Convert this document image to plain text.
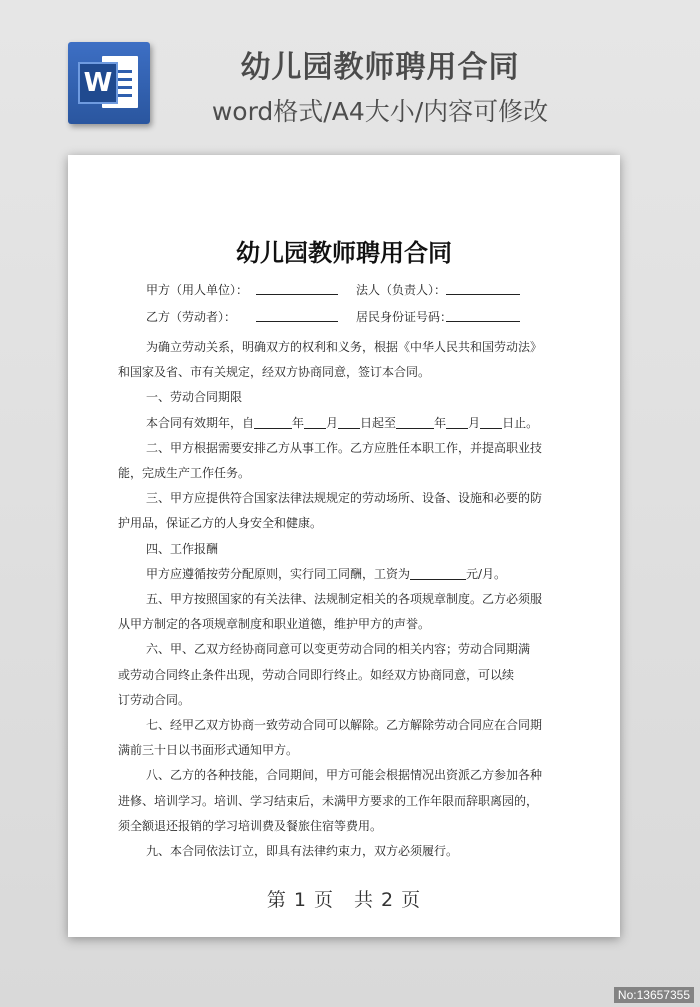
W	幼儿园教师聘用合同
word格式/A4大小/内容可修改
幼儿园教师聘用合同
甲方（用人单位）：	法人（负责人）：
乙方（劳动者）：	居民身份证号码：

为确立劳动关系，明确双方的权利和义务，根据《中华人民共和国劳动法》

和国家及省、市有关规定，经双方协商同意，签订本合同。

一、劳动合同期限

本合同有效期年，自	年 月 日起至	年 月 日止。

二、甲方根据需要安排乙方从事工作。乙方应胜任本职工作，并提高职业技

能，完成生产工作任务。

三、甲方应提供符合国家法律法规规定的劳动场所、设备、设施和必要的防

护用品，保证乙方的人身安全和健康。

四、工作报酬

甲方应遵循按劳分配原则，实行同工同酬，工资为	元/月。

五、甲方按照国家的有关法律、法规制定相关的各项规章制度。乙方必须服

从甲方制定的各项规章制度和职业道德，维护甲方的声誉。

六、甲、乙双方经协商同意可以变更劳动合同的相关内容；劳动合同期满

或劳动合同终止条件出现，劳动合同即行终止。如经双方协商同意，可以续

订劳动合同。

七、经甲乙双方协商一致劳动合同可以解除。乙方解除劳动合同应在合同期

满前三十日以书面形式通知甲方。

八、乙方的各种技能，合同期间，甲方可能会根据情况出资派乙方参加各种

进修、培训学习。培训、学习结束后，未满甲方要求的工作年限而辞职离园的，

须全额退还报销的学习培训费及餐旅住宿等费用。

九、本合同依法订立，即具有法律约束力，双方必须履行。

第 1 页　共 2 页
No:13657355
